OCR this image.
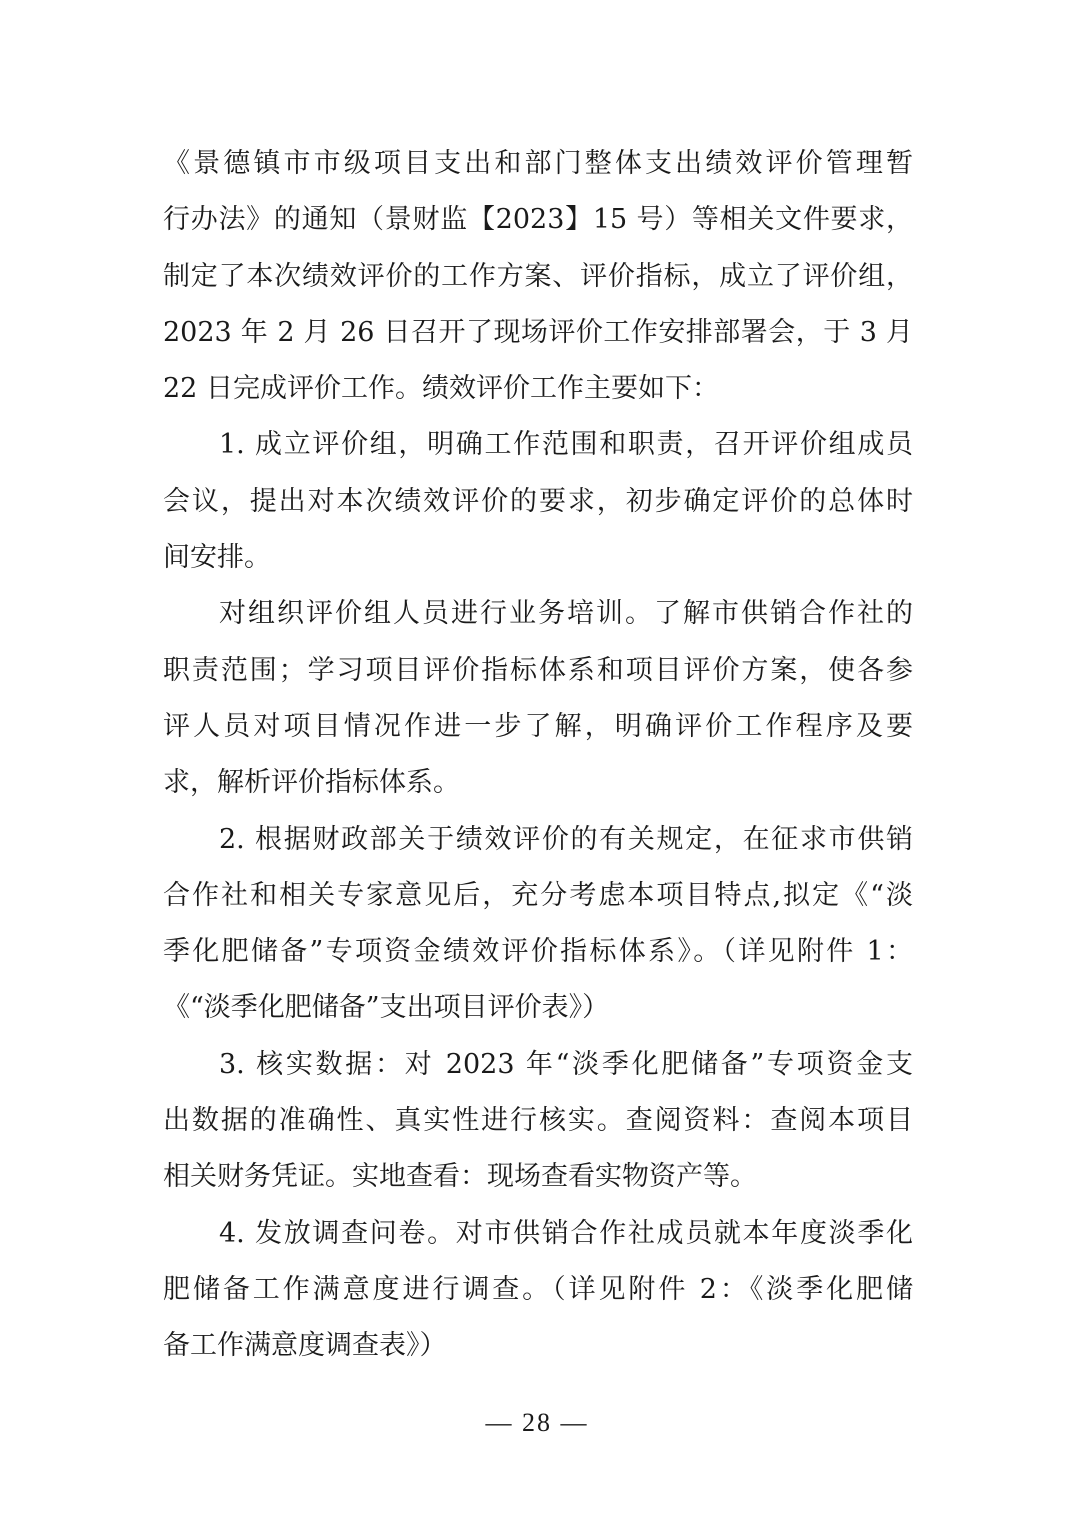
《景德镇市市级项目支出和部门整体支出绩效评价管理暂
行办法》的通知（景财监【2023】15 号）等相关文件要求，
制定了本次绩效评价的工作方案、评价指标，成立了评价组，
2023 年 2 月 26 日召开了现场评价工作安排部署会，于 3 月
22 日完成评价工作。绩效评价工作主要如下：
1. 成立评价组，明确工作范围和职责，召开评价组成员
会议，提出对本次绩效评价的要求，初步确定评价的总体时
间安排。
对组织评价组人员进行业务培训。了解市供销合作社的
职责范围；学习项目评价指标体系和项目评价方案，使各参
评人员对项目情况作进一步了解，明确评价工作程序及要
求，解析评价指标体系。
2. 根据财政部关于绩效评价的有关规定，在征求市供销
合作社和相关专家意见后，充分考虑本项目特点,拟定《“淡
季化肥储备”专项资金绩效评价指标体系》。（详见附件 1：
《“淡季化肥储备”支出项目评价表》）
3. 核实数据：对 2023 年“淡季化肥储备”专项资金支
出数据的准确性、真实性进行核实。查阅资料：查阅本项目
相关财务凭证。实地查看：现场查看实物资产等。
4. 发放调查问卷。对市供销合作社成员就本年度淡季化
肥储备工作满意度进行调查。（详见附件 2：《淡季化肥储
备工作满意度调查表》）
— 28 —
